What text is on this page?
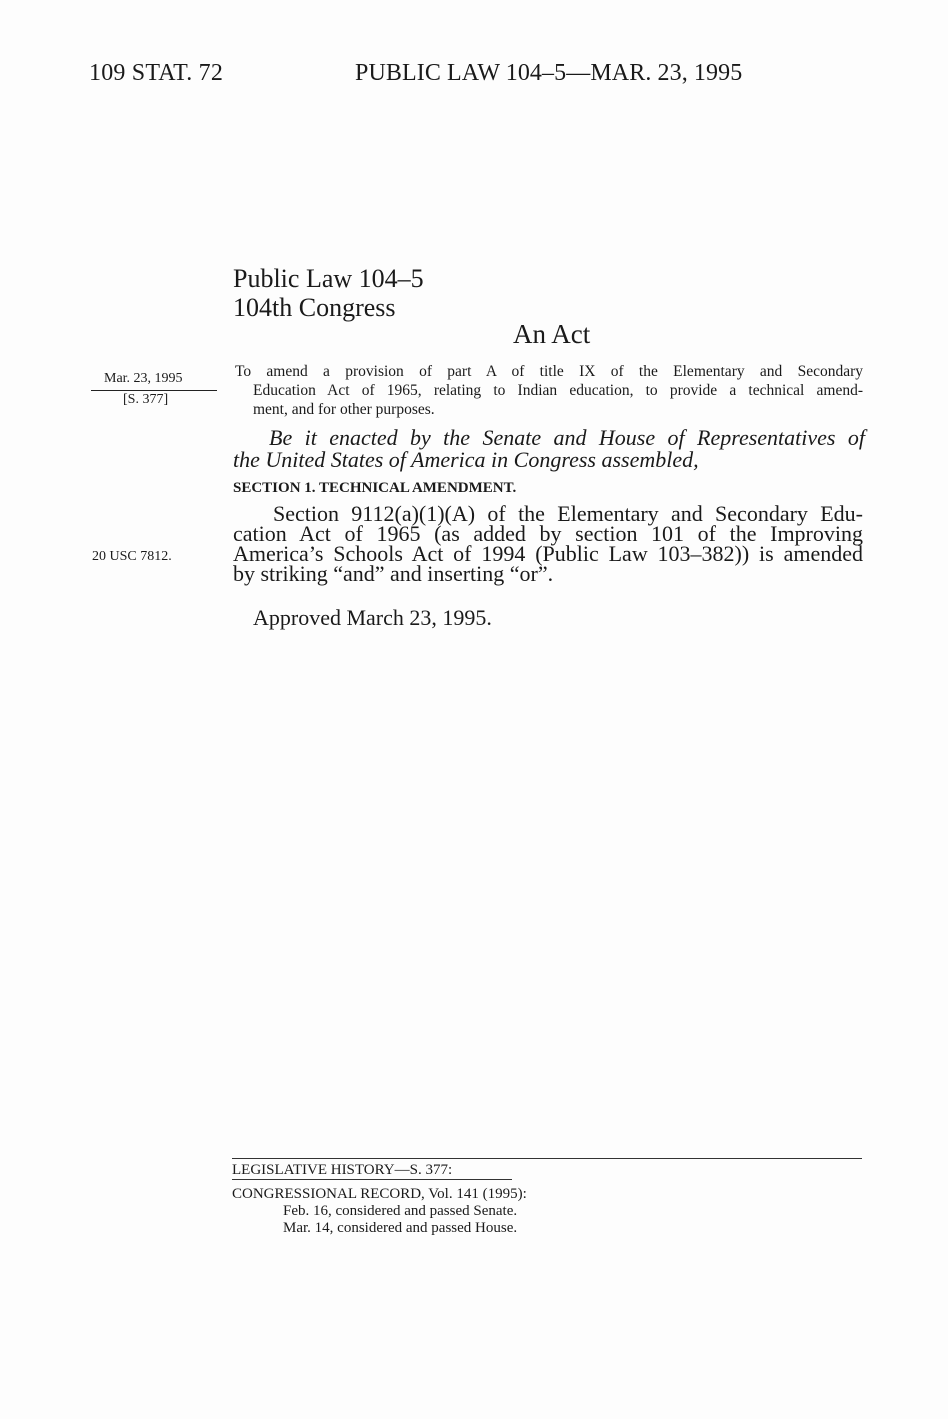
109 STAT. 72	PUBLIC LAW 104–5—MAR. 23, 1995
Public Law 104–5
104th Congress
An Act
Mar. 23, 1995
[S. 377]
20 USC 7812.
To amend a provision of part A of title IX of the Elementary and Secondary
Education Act of 1965, relating to Indian education, to provide a technical amend-
ment, and for other purposes.
Be it enacted by the Senate and House of Representatives of
the United States of America in Congress assembled,
SECTION 1. TECHNICAL AMENDMENT.
Section 9112(a)(1)(A) of the Elementary and Secondary Edu-
cation Act of 1965 (as added by section 101 of the Improving
America’s Schools Act of 1994 (Public Law 103–382)) is amended
by striking “and” and inserting “or”.
Approved March 23, 1995.
LEGISLATIVE HISTORY—S. 377:
CONGRESSIONAL RECORD, Vol. 141 (1995):
Feb. 16, considered and passed Senate.
Mar. 14, considered and passed House.
